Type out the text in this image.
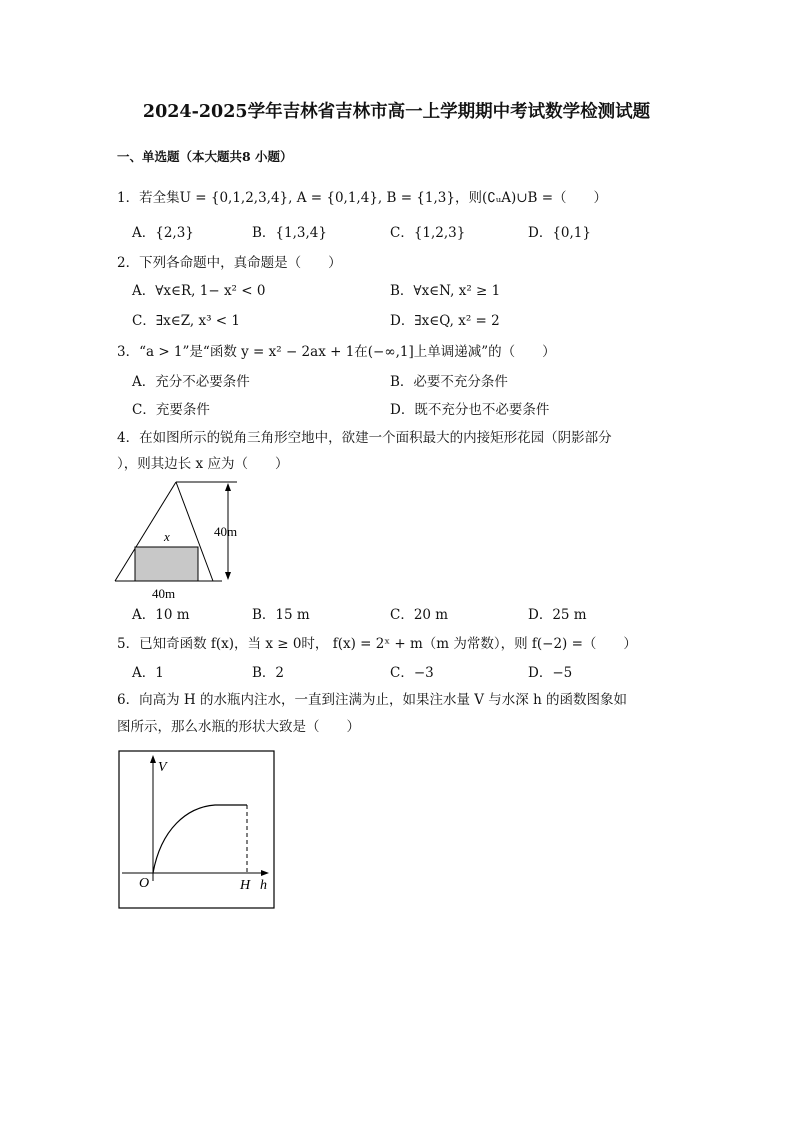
2024-2025学年吉林省吉林市高一上学期期中考试数学检测试题
一、单选题（本大题共8 小题）
1．若全集U = {0,1,2,3,4}, A = {0,1,4}, B = {1,3}，则(∁ᵤA)∪B =（　　）
A．{2,3}	B．{1,3,4}	C．{1,2,3}	D．{0,1}
2．下列各命题中，真命题是（　　）
A．∀x∈R, 1− x² < 0	B．∀x∈N, x² ≥ 1
C．∃x∈Z, x³ < 1	D．∃x∈Q, x² = 2
3．“a > 1”是“函数 y = x² − 2ax + 1在(−∞,1]上单调递减”的（　　）
A．充分不必要条件	B．必要不充分条件
C．充要条件	D．既不充分也不必要条件
4．在如图所示的锐角三角形空地中，欲建一个面积最大的内接矩形花园（阴影部分
），则其边长 x 应为（　　）
x	40m
40m
A．10 m	B．15 m	C．20 m	D．25 m
5．已知奇函数 f(x)，当 x ≥ 0时， f(x) = 2ˣ + m（m 为常数），则 f(−2) =（　　）
A．1	B．2	C．−3	D．−5
6．向高为 H 的水瓶内注水，一直到注满为止，如果注水量 V 与水深 h 的函数图象如
图所示，那么水瓶的形状大致是（　　）
V
O	H h
